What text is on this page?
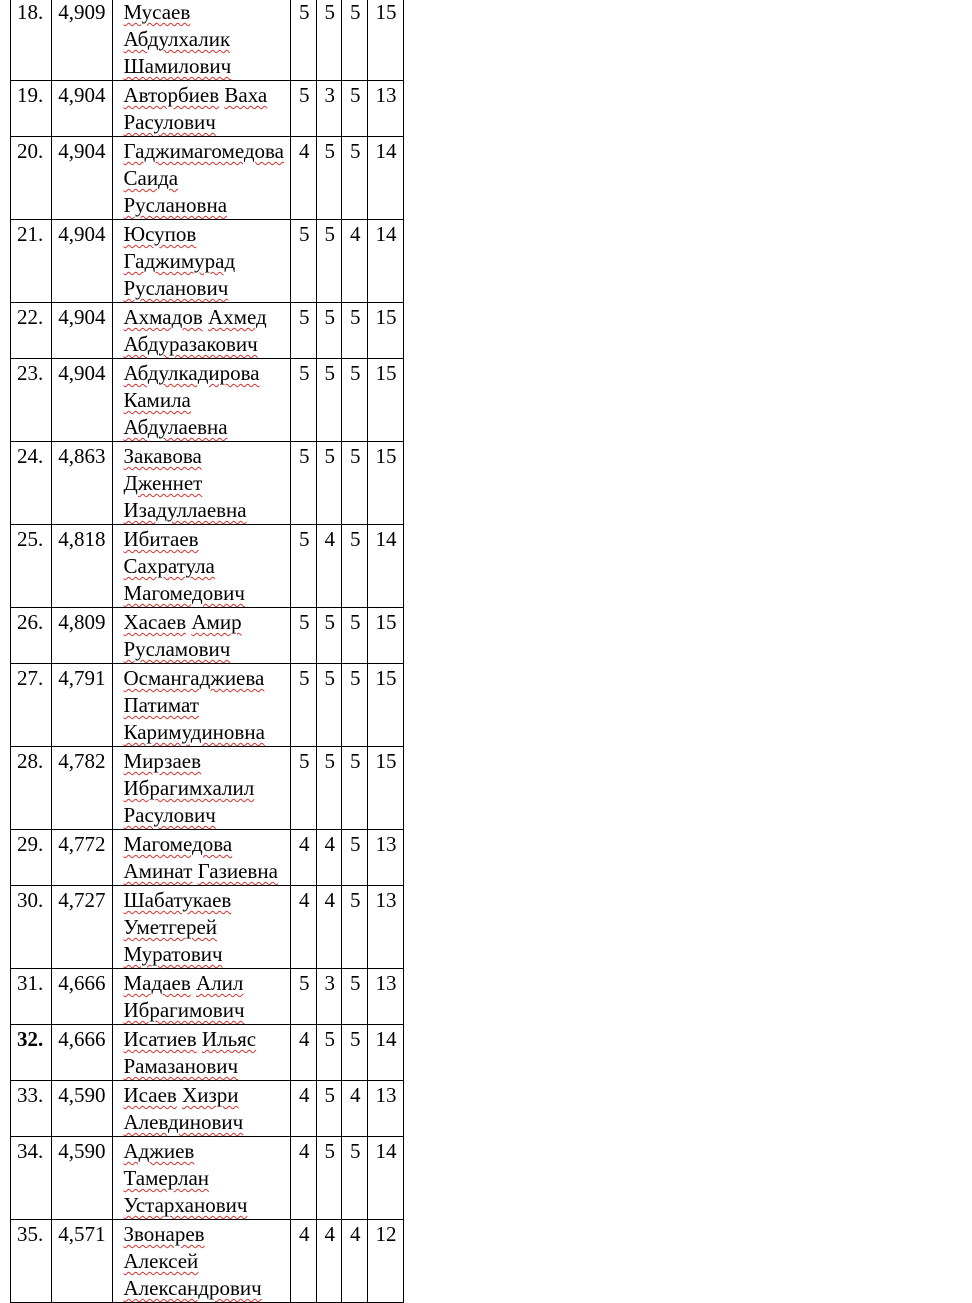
18.	4,909	Мусаев Абдулхалик Шамилович	5	5	5	15
19.	4,904	Авторбиев Ваха Расулович	5	3	5	13
20.	4,904	Гаджимагомедова Саида Руслановна	4	5	5	14
21.	4,904	Юсупов Гаджимурад Русланович	5	5	4	14
22.	4,904	Ахмадов Ахмед Абдуразакович	5	5	5	15
23.	4,904	Абдулкадирова Камила Абдулаевна	5	5	5	15
24.	4,863	Закавова Дженнет Изадуллаевна	5	5	5	15
25.	4,818	Ибитаев Сахратула Магомедович	5	4	5	14
26.	4,809	Хасаев Амир Русламович	5	5	5	15
27.	4,791	Османгаджиева Патимат Каримудиновна	5	5	5	15
28.	4,782	Мирзаев Ибрагимхалил Расулович	5	5	5	15
29.	4,772	Магомедова Аминат Газиевна	4	4	5	13
30.	4,727	Шабатукаев Уметгерей Муратович	4	4	5	13
31.	4,666	Мадаев Алил Ибрагимович	5	3	5	13
32.	4,666	Исатиев Ильяс Рамазанович	4	5	5	14
33.	4,590	Исаев Хизри Алевдинович	4	5	4	13
34.	4,590	Аджиев Тамерлан Устарханович	4	5	5	14
35.	4,571	Звонарев Алексей Александрович	4	4	4	12
